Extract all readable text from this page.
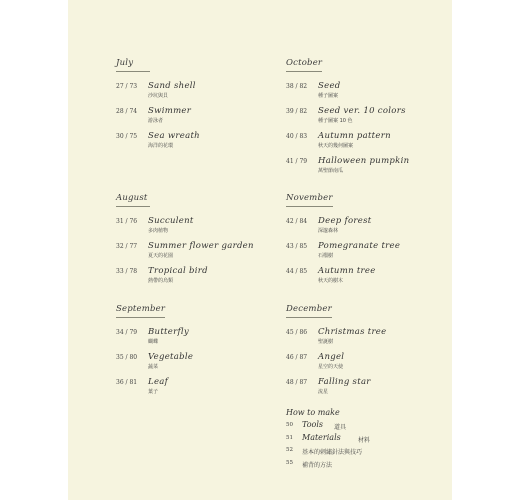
July
27 / 73 Sand shell
沙坑與貝
28 / 74 Swimmer
游泳者
30 / 75 Sea wreath
海洋的花環
October
38 / 82 Seed
種子圖案
39 / 82 Seed ver. 10 colors
種子圖案 10 色
40 / 83 Autumn pattern
秋天的幾何圖案
41 / 79 Halloween pumpkin
萬聖節南瓜
August
31 / 76 Succulent
多肉植物
32 / 77 Summer flower garden
夏天的花園
33 / 78 Tropical bird
熱帶的烏類
November
42 / 84 Deep forest
深邃森林
43 / 85 Pomegranate tree
石榴樹
44 / 85 Autumn tree
秋天的樹木
September
34 / 79 Butterfly
蝴蝶
35 / 80 Vegetable
蔬菜
36 / 81 Leaf
葉子
December
45 / 86 Christmas tree
聖誕樹
46 / 87 Angel
星空的天使
48 / 87 Falling star
流星
How to make
50 Tools 道具
51 Materials	材料
52 基本的刺繡針法與技巧
55 補背的方法
